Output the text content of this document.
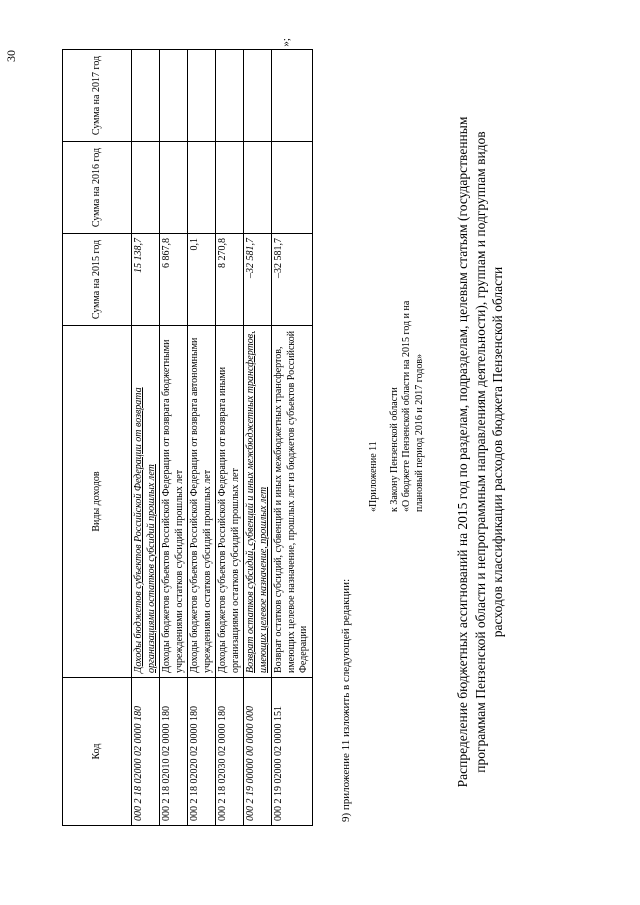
30
Код	Виды доходов	Сумма на 2015 год	Сумма на 2016 год	Сумма на 2017 год
000 2 18 02000 02 0000 180	Доходы бюджетов субъектов Российской Федерации от возврата организациями остатков субсидий прошлых лет	15 138,7		
000 2 18 02010 02 0000 180	Доходы бюджетов субъектов Российской Федерации от возврата бюджетными учреждениями остатков субсидий прошлых лет	6 867,8		
000 2 18 02020 02 0000 180	Доходы бюджетов субъектов Российской Федерации от возврата автономными учреждениями остатков субсидий прошлых лет	0,1		
000 2 18 02030 02 0000 180	Доходы бюджетов субъектов Российской Федерации от возврата иными организациями остатков субсидий прошлых лет	8 270,8		
000 2 19 00000 00 0000 000	Возврат остатков субсидий, субвенций и иных межбюджетных трансфертов, имеющих целевое назначение, прошлых лет	–32 581,7		
000 2 19 02000 02 0000 151	Возврат остатков субсидий, субвенций и иных межбюджетных трансфертов, имеющих целевое назначение, прошлых лет из бюджетов субъектов Российской Федерации	–32 581,7		
»;
9) приложение 11 изложить в следующей редакции:
«Приложение 11 к Закону Пензенской области «О бюджете Пензенской области на 2015 год и на плановый период 2016 и 2017 годов» Распределение бюджетных ассигнований на 2015 год по разделам, подразделам, целевым статьям (государственным программам Пензенской области и непрограммным направлениям деятельности), группам и подгруппам видов расходов классификации расходов бюджета Пензенской области
